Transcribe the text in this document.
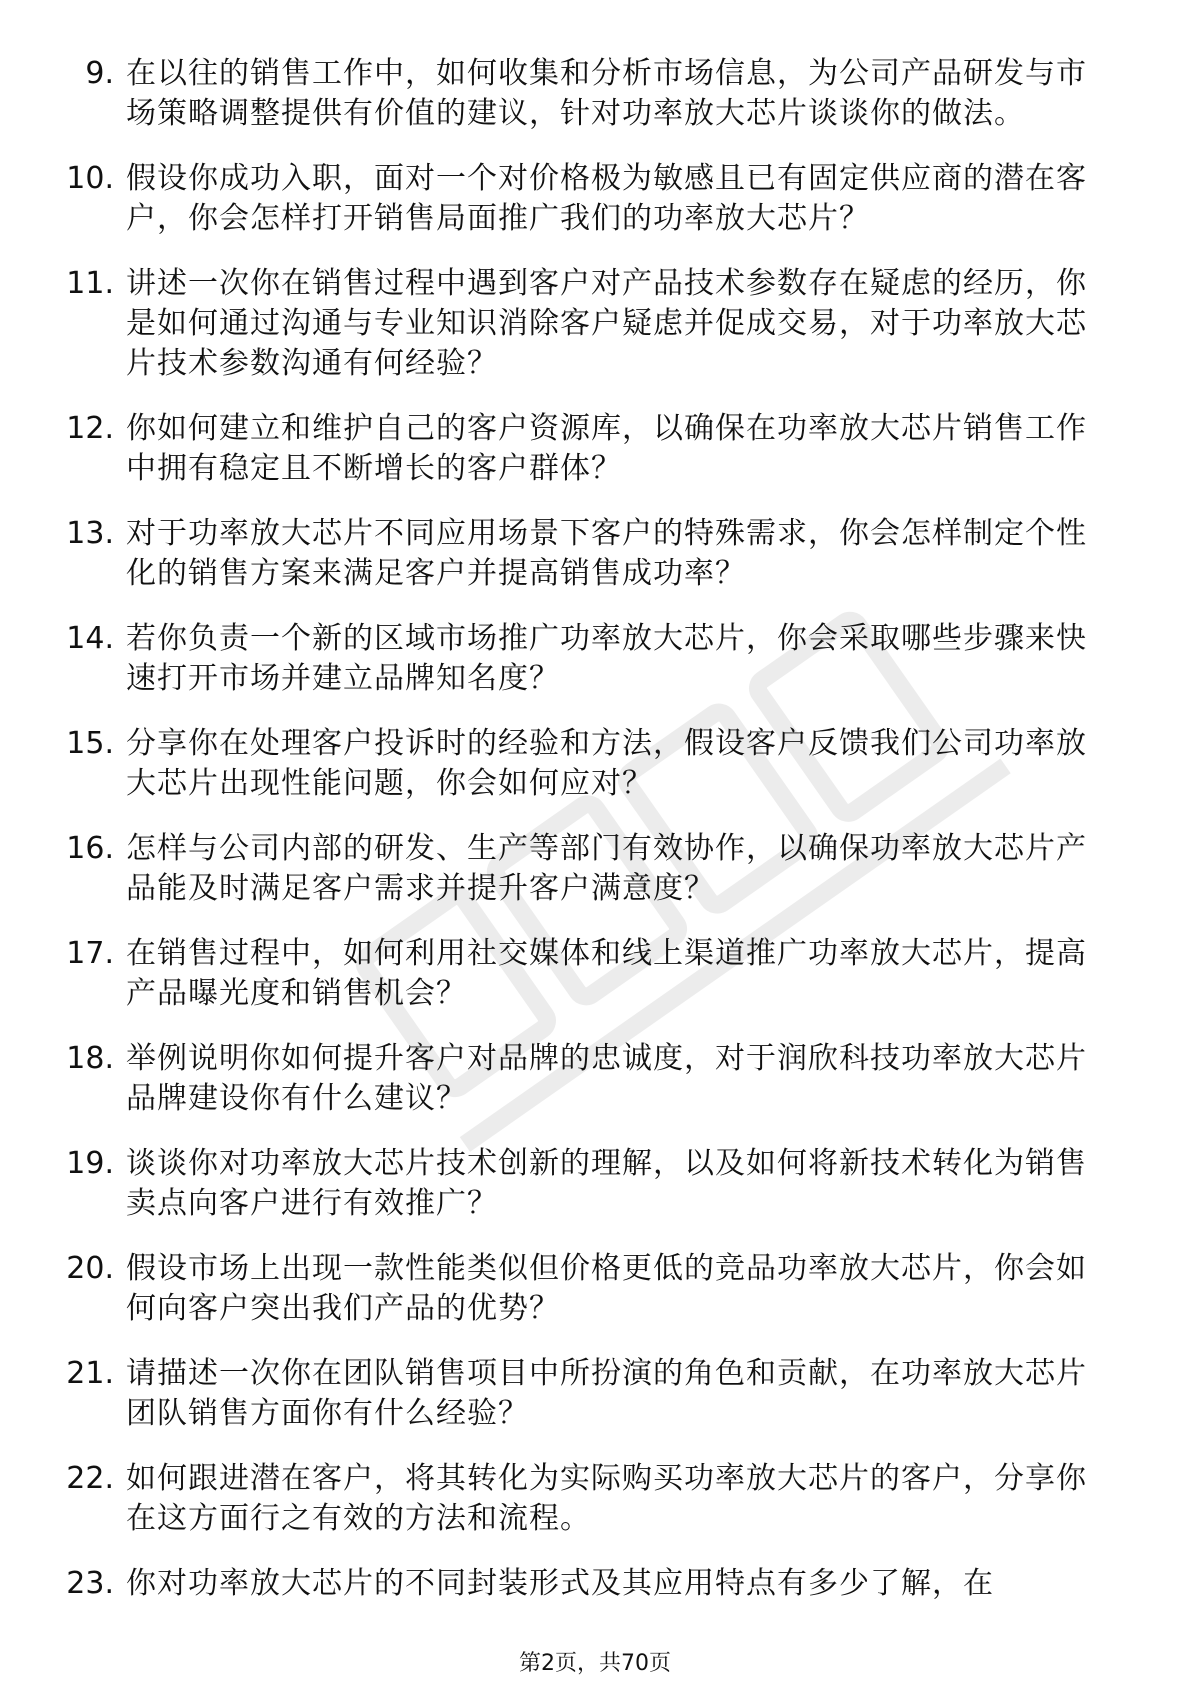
9. 在以往的销售工作中，如何收集和分析市场信息，为公司产品研发与市场策略调整提供有价值的建议，针对功率放大芯片谈谈你的做法。
10. 假设你成功入职，面对一个对价格极为敏感且已有固定供应商的潜在客户，你会怎样打开销售局面推广我们的功率放大芯片？
11. 讲述一次你在销售过程中遇到客户对产品技术参数存在疑虑的经历，你是如何通过沟通与专业知识消除客户疑虑并促成交易，对于功率放大芯片技术参数沟通有何经验？
12. 你如何建立和维护自己的客户资源库，以确保在功率放大芯片销售工作中拥有稳定且不断增长的客户群体？
13. 对于功率放大芯片不同应用场景下客户的特殊需求，你会怎样制定个性化的销售方案来满足客户并提高销售成功率？
14. 若你负责一个新的区域市场推广功率放大芯片，你会采取哪些步骤来快速打开市场并建立品牌知名度？
15. 分享你在处理客户投诉时的经验和方法，假设客户反馈我们公司功率放大芯片出现性能问题，你会如何应对？
16. 怎样与公司内部的研发、生产等部门有效协作，以确保功率放大芯片产品能及时满足客户需求并提升客户满意度？
17. 在销售过程中，如何利用社交媒体和线上渠道推广功率放大芯片，提高产品曝光度和销售机会？
18. 举例说明你如何提升客户对品牌的忠诚度，对于润欣科技功率放大芯片品牌建设你有什么建议？
19. 谈谈你对功率放大芯片技术创新的理解，以及如何将新技术转化为销售卖点向客户进行有效推广？
20. 假设市场上出现一款性能类似但价格更低的竞品功率放大芯片，你会如何向客户突出我们产品的优势？
21. 请描述一次你在团队销售项目中所扮演的角色和贡献，在功率放大芯片团队销售方面你有什么经验？
22. 如何跟进潜在客户，将其转化为实际购买功率放大芯片的客户，分享你在这方面行之有效的方法和流程。
23. 你对功率放大芯片的不同封装形式及其应用特点有多少了解，在
第2页，共70页
